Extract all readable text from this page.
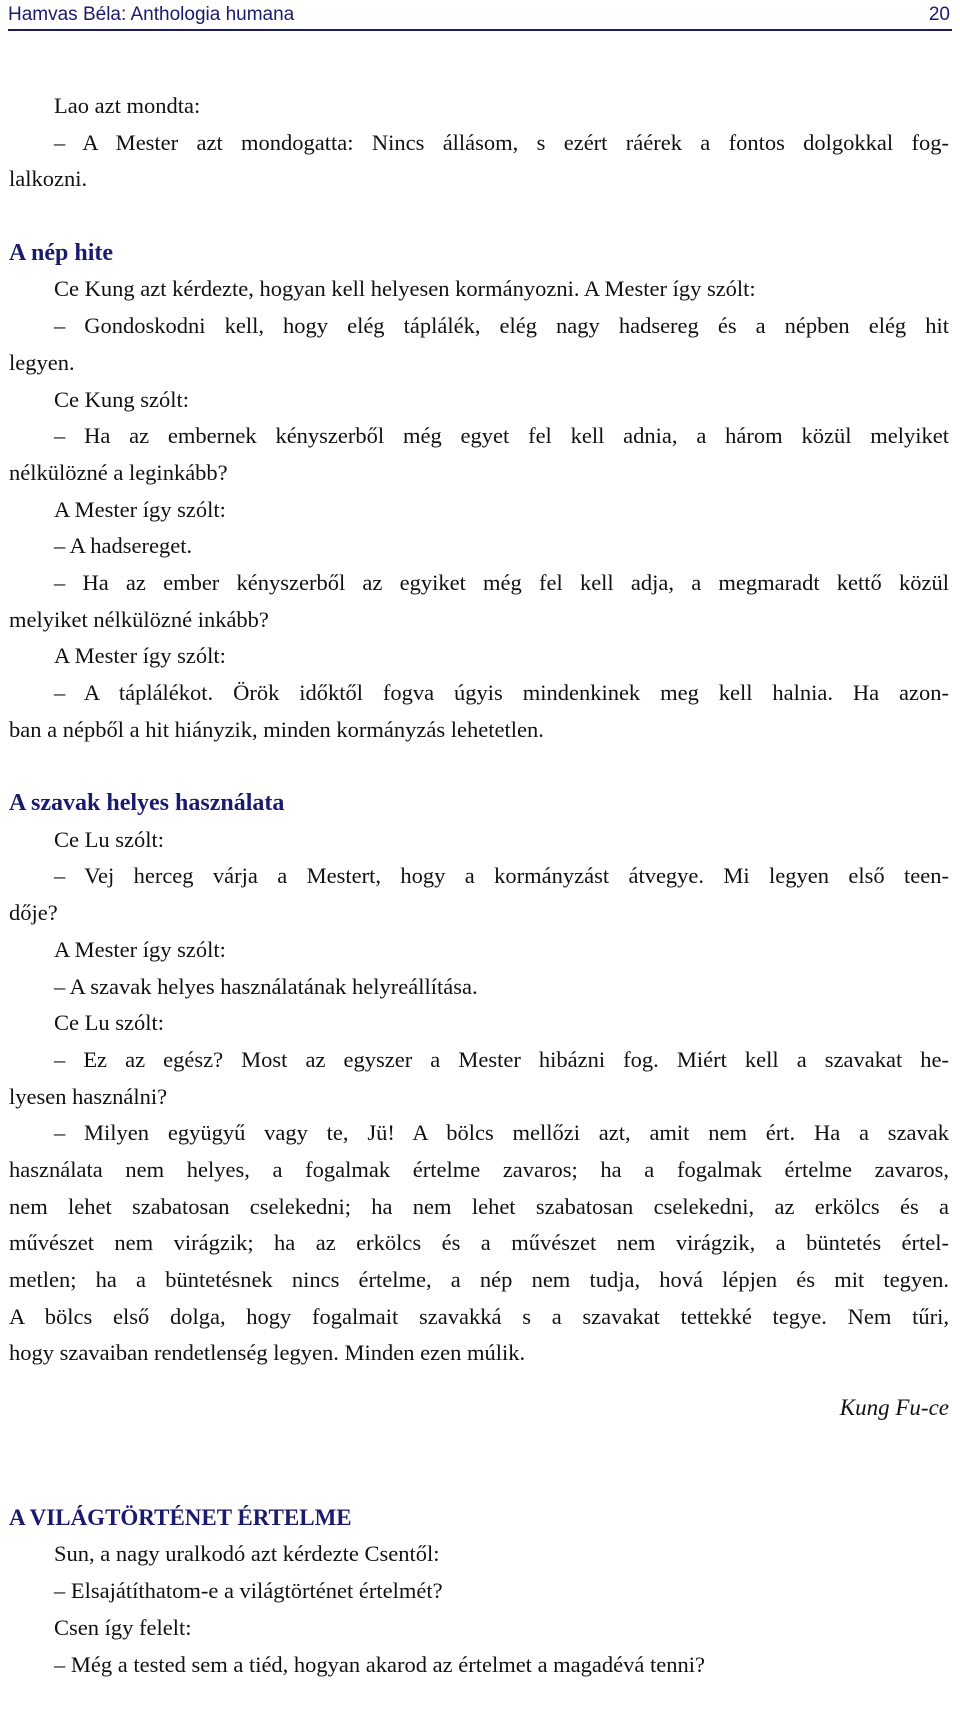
Hamvas Béla: Anthologia humana	20
Lao azt mondta:
– A Mester azt mondogatta: Nincs állásom, s ezért ráérek a fontos dolgokkal fog-
lalkozni.
A nép hite
Ce Kung azt kérdezte, hogyan kell helyesen kormányozni. A Mester így szólt:
– Gondoskodni kell, hogy elég táplálék, elég nagy hadsereg és a népben elég hit
legyen.
Ce Kung szólt:
– Ha az embernek kényszerből még egyet fel kell adnia, a három közül melyiket
nélkülözné a leginkább?
A Mester így szólt:
– A hadsereget.
– Ha az ember kényszerből az egyiket még fel kell adja, a megmaradt kettő közül
melyiket nélkülözné inkább?
A Mester így szólt:
– A táplálékot. Örök időktől fogva úgyis mindenkinek meg kell halnia. Ha azon-
ban a népből a hit hiányzik, minden kormányzás lehetetlen.
A szavak helyes használata
Ce Lu szólt:
– Vej herceg várja a Mestert, hogy a kormányzást átvegye. Mi legyen első teen-
dője?
A Mester így szólt:
– A szavak helyes használatának helyreállítása.
Ce Lu szólt:
– Ez az egész? Most az egyszer a Mester hibázni fog. Miért kell a szavakat he-
lyesen használni?
– Milyen együgyű vagy te, Jü! A bölcs mellőzi azt, amit nem ért. Ha a szavak
használata nem helyes, a fogalmak értelme zavaros; ha a fogalmak értelme zavaros,
nem lehet szabatosan cselekedni; ha nem lehet szabatosan cselekedni, az erkölcs és a
művészet nem virágzik; ha az erkölcs és a művészet nem virágzik, a büntetés értel-
metlen; ha a büntetésnek nincs értelme, a nép nem tudja, hová lépjen és mit tegyen.
A bölcs első dolga, hogy fogalmait szavakká s a szavakat tettekké tegye. Nem tűri,
hogy szavaiban rendetlenség legyen. Minden ezen múlik.
Kung Fu-ce
A VILÁGTÖRTÉNET ÉRTELME
Sun, a nagy uralkodó azt kérdezte Csentől:
– Elsajátíthatom-e a világtörténet értelmét?
Csen így felelt:
– Még a tested sem a tiéd, hogyan akarod az értelmet a magadévá tenni?
